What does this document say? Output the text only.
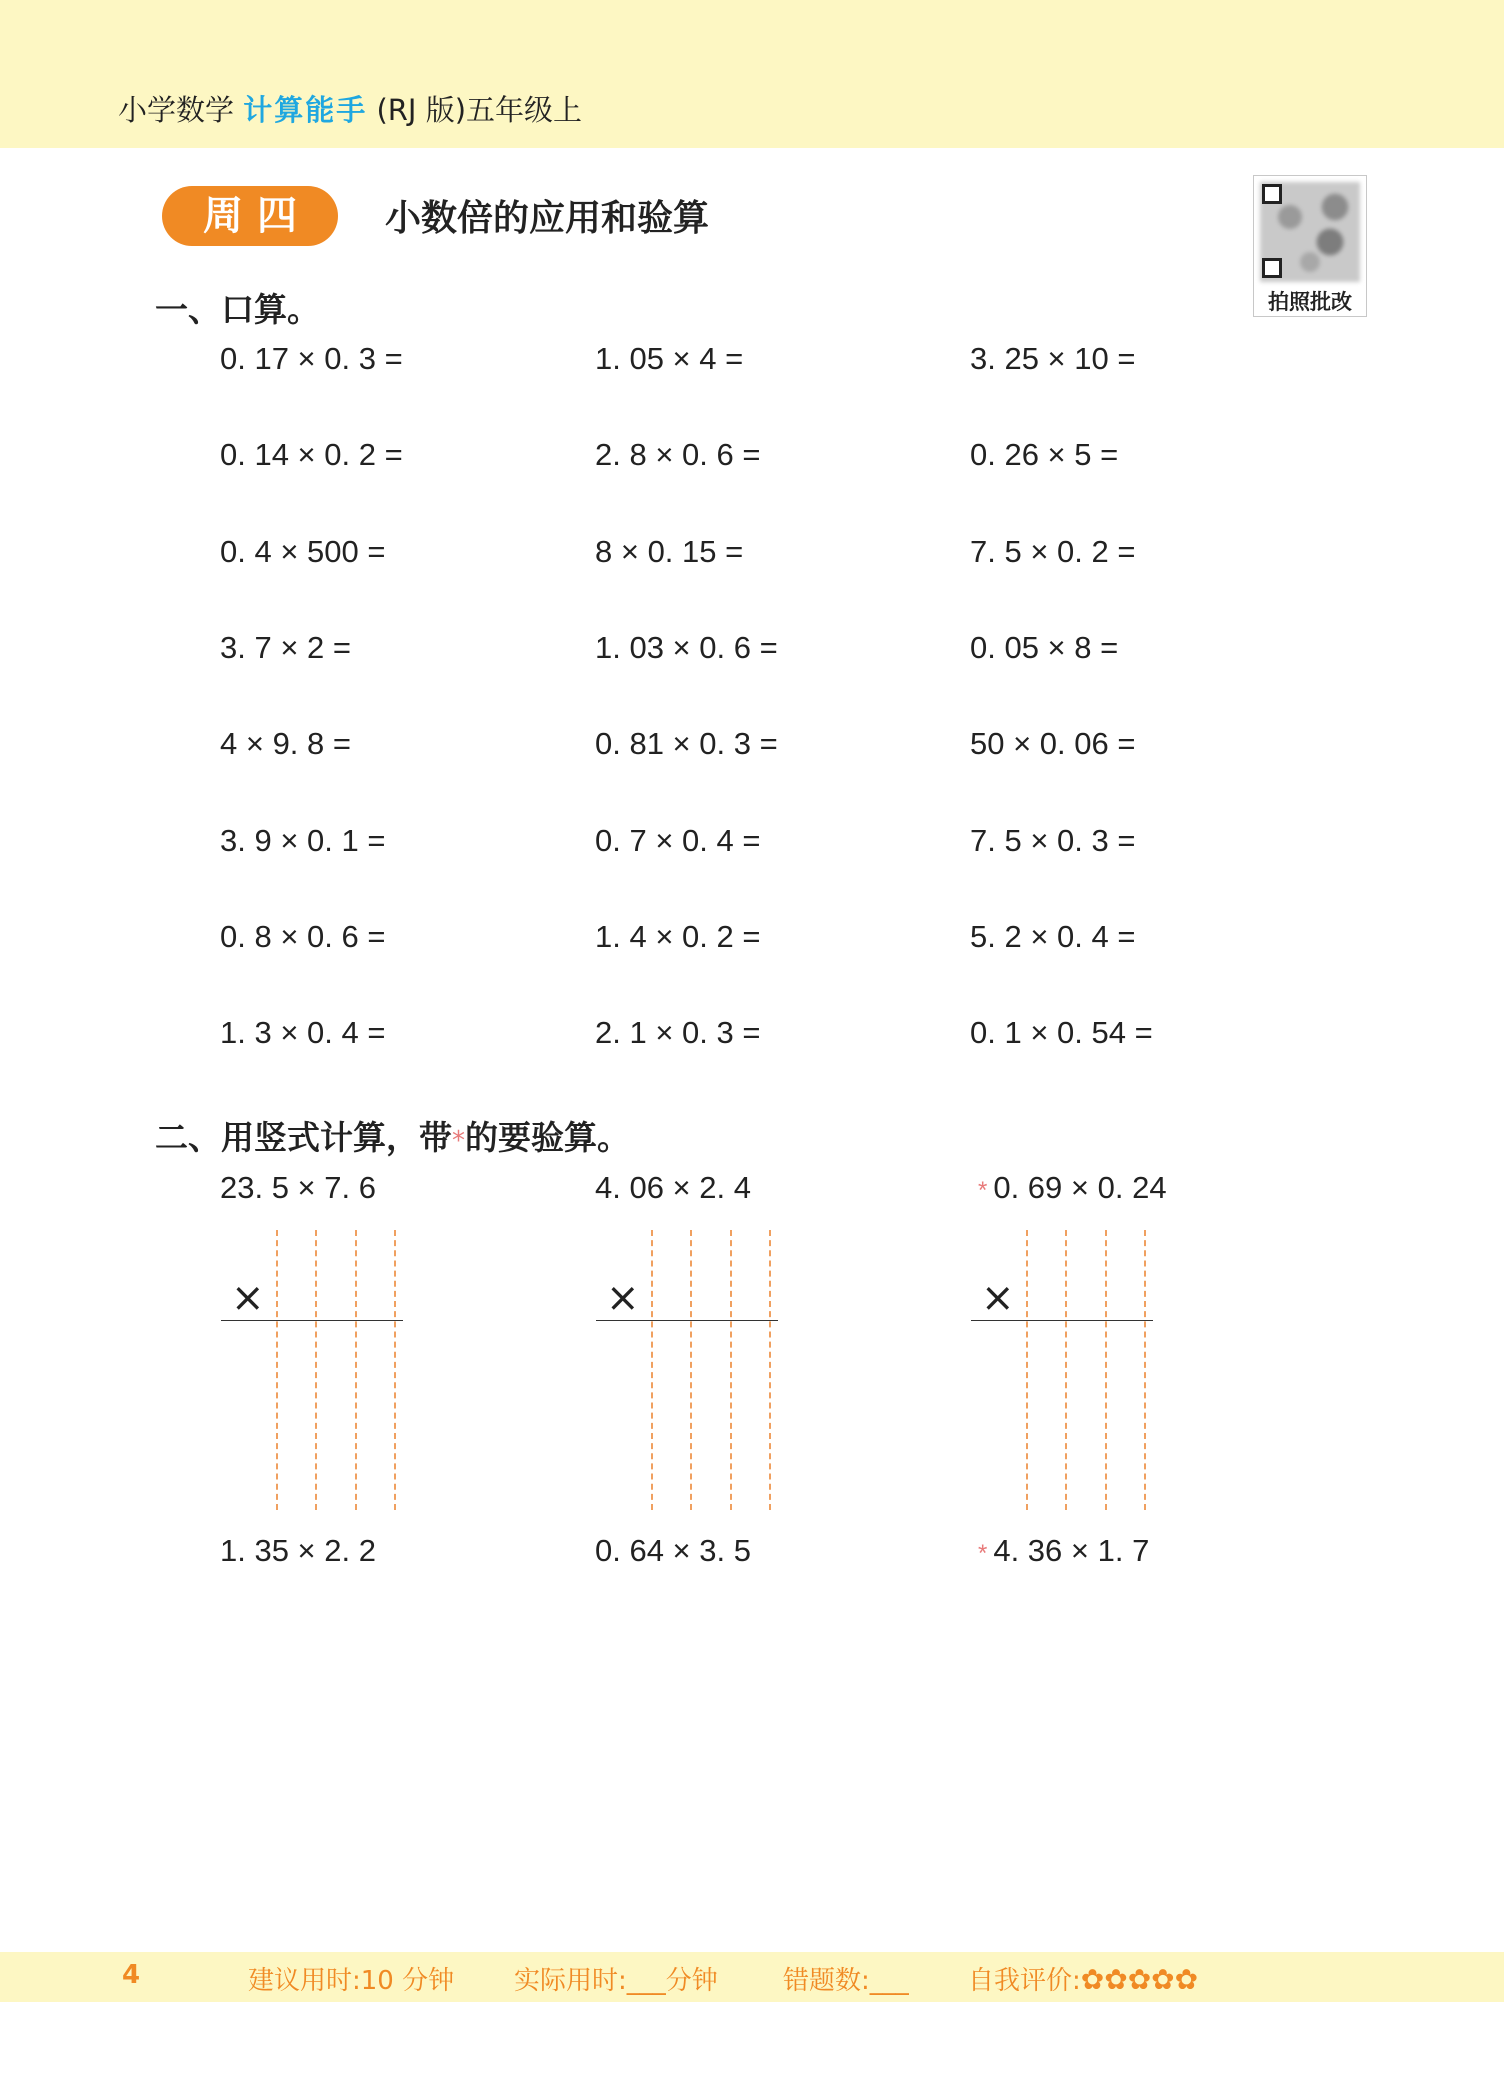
小学数学 计算能手 (RJ 版)五年级上
周四	小数倍的应用和验算
拍照批改
一、口算。
0. 17 × 0. 3 =	1. 05 × 4 =	3. 25 × 10 =
0. 14 × 0. 2 =	2. 8 × 0. 6 =	0. 26 × 5 =
0. 4 × 500 =	8 × 0. 15 =	7. 5 × 0. 2 =
3. 7 × 2 =	1. 03 × 0. 6 =	0. 05 × 8 =
4 × 9. 8 =	0. 81 × 0. 3 =	50 × 0. 06 =
3. 9 × 0. 1 =	0. 7 × 0. 4 =	7. 5 × 0. 3 =
0. 8 × 0. 6 =	1. 4 × 0. 2 =	5. 2 × 0. 4 =
1. 3 × 0. 4 =	2. 1 × 0. 3 =	0. 1 × 0. 54 =
二、用竖式计算，带*的要验算。
23. 5 × 7. 6	4. 06 × 2. 4	* 0. 69 × 0. 24
×	×	×
1. 35 × 2. 2	0. 64 × 3. 5	* 4. 36 × 1. 7
4	建议用时:10 分钟 实际用时:___分钟	错题数:___ 自我评价:✿✿✿✿✿
